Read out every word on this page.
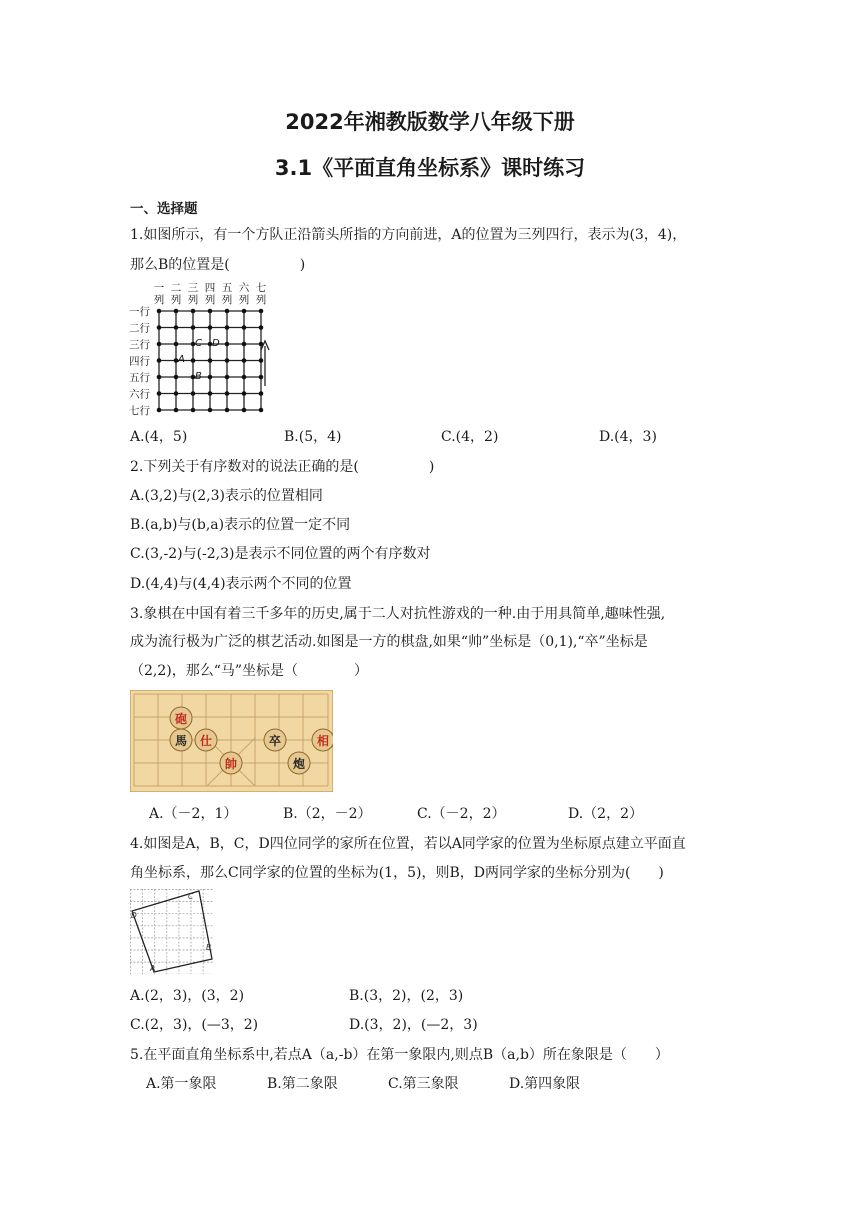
2022年湘教版数学八年级下册
3.1《平面直角坐标系》课时练习
一、选择题
1.如图所示，有一个方队正沿箭头所指的方向前进，A的位置为三列四行，表示为(3，4)，
那么B的位置是(　　　　　)
一
列
二
列
三
列
四
列
五
列
六
列
七
列
一行
二行
三行
四行
五行
六行
七行
A
B
C D
A.(4，5)	B.(5，4)	C.(4，2)	D.(4，3)
2.下列关于有序数对的说法正确的是(　　　　　)
A.(3,2)与(2,3)表示的位置相同
B.(a,b)与(b,a)表示的位置一定不同
C.(3,-2)与(-2,3)是表示不同位置的两个有序数对
D.(4,4)与(4,4)表示两个不同的位置
3.象棋在中国有着三千多年的历史,属于二人对抗性游戏的一种.由于用具简单,趣味性强,
成为流行极为广泛的棋艺活动.如图是一方的棋盘,如果“帅”坐标是（0,1),“卒”坐标是
（2,2)，那么“马”坐标是（　　　　）
砲
馬 仕
帥
卒	相
炮
A.（－2，1）	B.（2，－2）	C.（－2，2）	D.（2，2）
4.如图是A，B，C，D四位同学的家所在位置，若以A同学家的位置为坐标原点建立平面直
角坐标系，那么C同学家的位置的坐标为(1，5)，则B，D两同学家的坐标分别为(　　)
A
B
C
D
A.(2，3)，(3，2)	B.(3，2)，(2，3)
C.(2，3)，(—3，2)	D.(3，2)，(—2，3)
5.在平面直角坐标系中,若点A（a,-b）在第一象限内,则点B（a,b）所在象限是（　　）
A.第一象限	B.第二象限	C.第三象限	D.第四象限
